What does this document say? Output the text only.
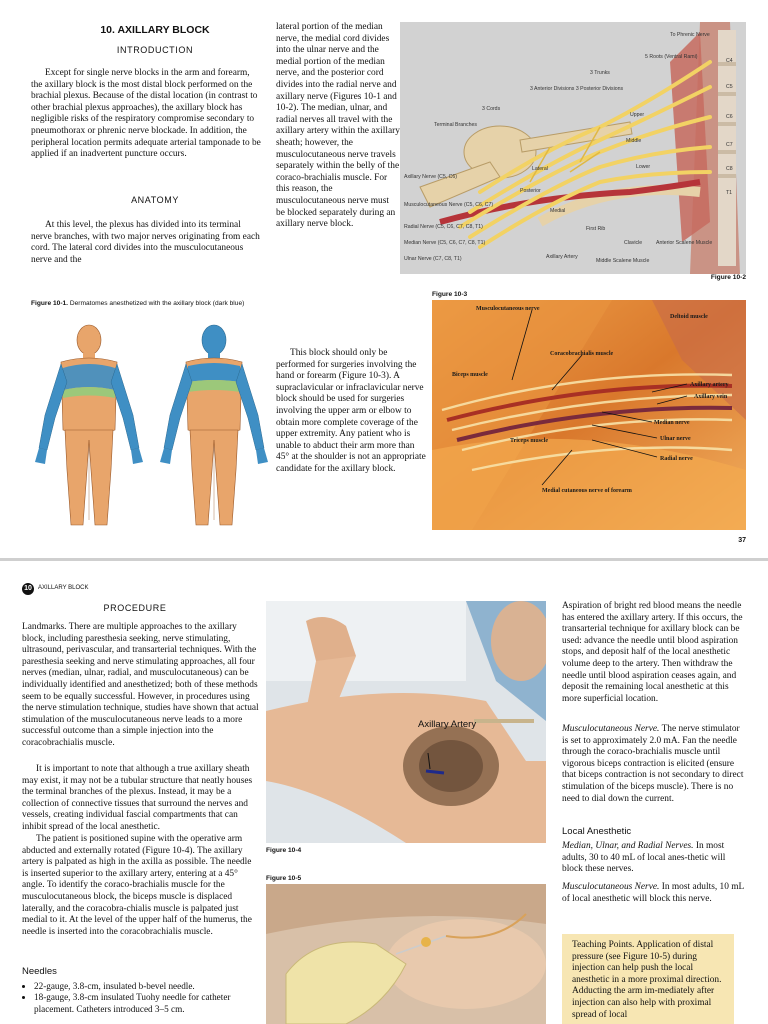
10. AXILLARY BLOCK
INTRODUCTION

Except for single nerve blocks in the arm and forearm, the axillary block is the most distal block performed on the brachial plexus. Because of the distal location (in contrast to other brachial plexus approaches), the axillary block has negligible risks of the respiratory compromise secondary to pneumothorax or phrenic nerve blockade. In addition, the peripheral location permits adequate arterial tamponade to be applied if an inadvertent puncture occurs.

ANATOMY

At this level, the plexus has divided into its terminal nerve branches, with two major nerves originating from each cord. The lateral cord divides into the musculocutaneous nerve and the

Figure 10-1. Dermatomes anesthetized with the axillary block (dark blue)

lateral portion of the median nerve, the medial cord divides into the ulnar nerve and the medial portion of the median nerve, and the posterior cord divides into the radial nerve and axillary nerve (Figures 10-1 and 10-2). The median, ulnar, and radial nerves all travel with the axillary artery within the axillary sheath; however, the musculocutaneous nerve travels separately within the belly of the coraco-brachialis muscle. For this reason, the musculocutaneous nerve must be blocked separately during an axillary nerve block.

This block should only be performed for surgeries involving the hand or forearm (Figure 10-3). A supraclavicular or infraclavicular nerve block should be used for surgeries involving the upper arm or elbow to obtain more complete coverage of the upper extremity. Any patient who is unable to abduct their arm more than 45° at the shoulder is not an appropriate candidate for the axillary block.

To Phrenic Nerve
5 Roots (Ventral Rami)
3 Trunks
3 Anterior Divisions 3 Posterior Divisions
3 Cords
Terminal Branches
Axillary Nerve (C5, C6)
Musculocutaneous Nerve (C5, C6, C7)
Radial Nerve (C5, C6, C7, C8, T1)
Median Nerve (C5, C6, C7, C8, T1)
Ulnar Nerve (C7, C8, T1)	Axillary Artery
First Rib
Clavicle
Middle Scalene Muscle
Anterior Scalene Muscle
C4
C5
C6
C7
C8
T1
Upper
Middle
Lower
Lateral
Posterior
Medial
Figure 10-2
Figure 10-3
Musculocutaneous nerve
Deltoid muscle
Coracobrachialis muscle
Biceps muscle
Axillary artery
Axillary vein
Median nerve
Triceps muscle	Ulnar nerve
Radial nerve
Medial cutaneous nerve of forearm
37
10	AXILLARY BLOCK
PROCEDURE

Landmarks. There are multiple approaches to the axillary block, including paresthesia seeking, nerve stimulating, ultrasound, perivascular, and transarterial techniques. With the paresthesia seeking and nerve stimulating approaches, all four nerves (median, ulnar, radial, and musculocutaneous) can be individually identified and anesthetized; both of these methods seem to be equally successful. However, in procedures using the nerve stimulation technique, studies have shown that actual stimulation of the musculocutaneous nerve leads to a more successful outcome than a simple injection into the coracobrachialis muscle.

It is important to note that although a true axillary sheath may exist, it may not be a tubular structure that neatly houses the terminal branches of the plexus. Instead, it may be a collection of connective tissues that surround the nerves and vessels, creating individual fascial compartments that can inhibit spread of the local anesthetic.

The patient is positioned supine with the operative arm abducted and externally rotated (Figure 10-4). The axillary artery is palpated as high in the axilla as possible. The needle is inserted superior to the axillary artery, entering at a 45° angle. To identify the coraco-brachialis muscle for the musculocutaneous block, the biceps muscle is displaced laterally, and the coracobra-chialis muscle is palpated just medial to it. At the level of the upper half of the humerus, the needle is inserted into the coracobrachialis muscle.

Needles
• 22-gauge, 3.8-cm, insulated b-bevel needle.
• 18-gauge, 3.8-cm insulated Tuohy needle for catheter placement. Catheters introduced 3–5 cm.
Axillary Artery
Figure 10-4
Figure 10-5

Aspiration of bright red blood means the needle has entered the axillary artery. If this occurs, the transarterial technique for axillary block can be used: advance the needle until blood aspiration stops, and deposit half of the local anesthetic volume deep to the artery. Then withdraw the needle until blood aspiration ceases again, and deposit the remaining local anesthetic at this more superficial location.

Musculocutaneous Nerve. The nerve stimulator is set to approximately 2.0 mA. Fan the needle through the coraco-brachialis muscle until vigorous biceps contraction is elicited (ensure that biceps contraction is not secondary to direct stimulation of the biceps muscle). There is no need to dial down the current.

Local Anesthetic

Median, Ulnar, and Radial Nerves. In most adults, 30 to 40 mL of local anes-thetic will block these nerves.

Musculocutaneous Nerve. In most adults, 10 mL of local anesthetic will block this nerve.

Teaching Points. Application of distal pressure (see Figure 10-5) during injection can help push the local anesthetic in a more proximal direction. Adducting the arm im-mediately after injection can also help with proximal spread of local
